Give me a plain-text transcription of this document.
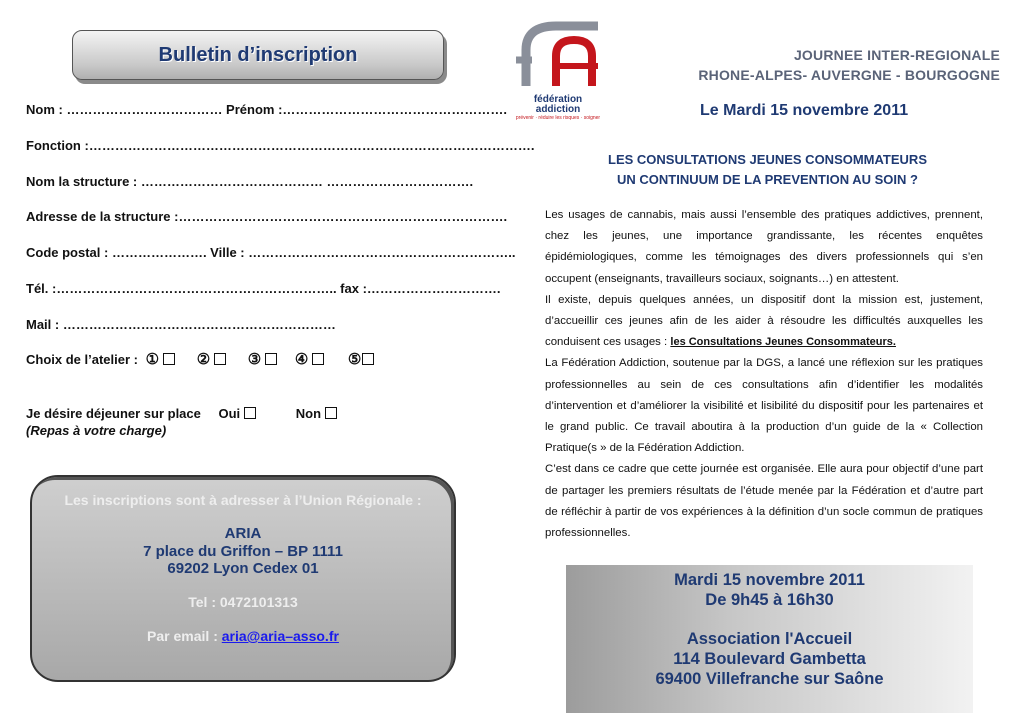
Bulletin d’inscription
Nom : ……………………………… Prénom :…………………………………………….
Fonction :………………………………………………………………………………………….
Nom la structure : …………………………………… …………………………….
Adresse de la structure :………………………………………………………………….
Code postal : …………………. Ville : ……………………………………………………..
Tél. :……………………………………………………….. fax :………………………….
Mail : ………………………………………………………
Choix de l’atelier : ①	②	③ ④	⑤
Je désire déjeuner sur place Oui	Non
(Repas à votre charge)
Les inscriptions sont à adresser à l’Union Régionale :
ARIA
7 place du Griffon – BP 1111
69202 Lyon Cedex 01
Tel : 0472101313
Par email : aria@aria–asso.fr
fédération addiction
prévenir · réduire les risques · soigner
JOURNEE INTER-REGIONALE
RHONE-ALPES- AUVERGNE - BOURGOGNE
Le Mardi 15 novembre 2011
LES CONSULTATIONS JEUNES CONSOMMATEURS
UN CONTINUUM DE LA PREVENTION AU SOIN ?

Les usages de cannabis, mais aussi l’ensemble des pratiques addictives, prennent, chez les jeunes, une importance grandissante, les récentes enquêtes épidémiologiques, comme les témoignages des divers professionnels qui s’en occupent (enseignants, travailleurs sociaux, soignants…) en attestent.

Il existe, depuis quelques années, un dispositif dont la mission est, justement, d’accueillir ces jeunes afin de les aider à résoudre les difficultés auxquelles les conduisent ces usages : les Consultations Jeunes Consommateurs.

La Fédération Addiction, soutenue par la DGS, a lancé une réflexion sur les pratiques professionnelles au sein de ces consultations afin d’identifier les modalités d’intervention et d’améliorer la visibilité et lisibilité du dispositif pour les partenaires et le grand public. Ce travail aboutira à la production d’un guide de la « Collection Pratique(s » de la Fédération Addiction.

C’est dans ce cadre que cette journée est organisée. Elle aura pour objectif d’une part de partager les premiers résultats de l’étude menée par la Fédération et d’autre part de réfléchir à partir de vos expériences à la définition d’un socle commun de pratiques professionnelles.

Mardi 15 novembre 2011
De 9h45 à 16h30
Association l'Accueil
114 Boulevard Gambetta
69400 Villefranche sur Saône
